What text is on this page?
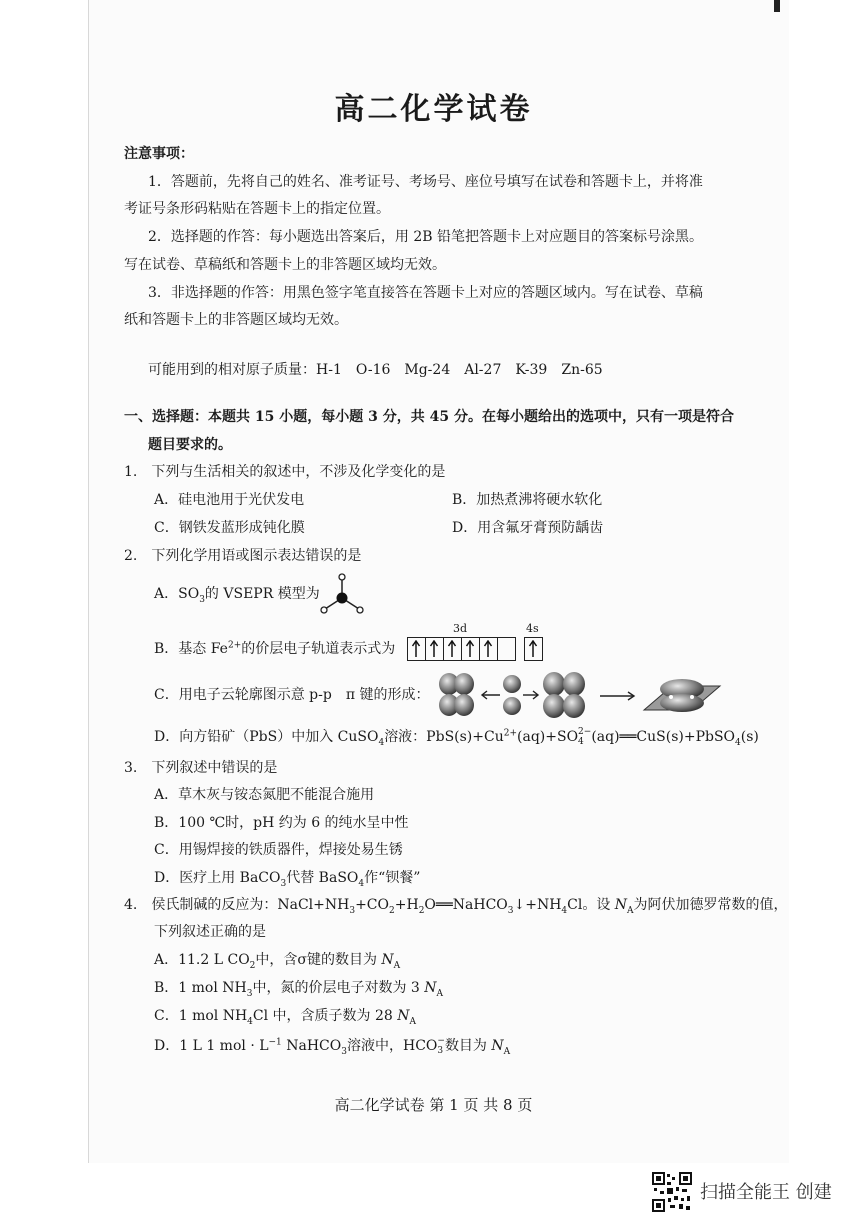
高二化学试卷
注意事项：
1．答题前，先将自己的姓名、准考证号、考场号、座位号填写在试卷和答题卡上，并将准
考证号条形码粘贴在答题卡上的指定位置。
2．选择题的作答：每小题选出答案后，用 2B 铅笔把答题卡上对应题目的答案标号涂黑。
写在试卷、草稿纸和答题卡上的非答题区域均无效。
3．非选择题的作答：用黑色签字笔直接答在答题卡上对应的答题区域内。写在试卷、草稿
纸和答题卡上的非答题区域均无效。
可能用到的相对原子质量：H-1　O-16　Mg-24　Al-27　K-39　Zn-65
一、选择题：本题共 15 小题，每小题 3 分，共 45 分。在每小题给出的选项中，只有一项是符合
题目要求的。
1.　下列与生活相关的叙述中，不涉及化学变化的是
A．硅电池用于光伏发电	B．加热煮沸将硬水软化
C．钢铁发蓝形成钝化膜	D．用含氟牙膏预防龋齿
2.　下列化学用语或图示表达错误的是
A．$SO_3$的 VSEPR 模型为
B．基态 $Fe^{2+}$的价层电子轨道表示式为
3d	4s
C．用电子云轮廓图示意 p-p　π 键的形成：
D．向方铅矿（PbS）中加入 CuSO$_4$溶液：$PbS(s)+Cu^{2+}(aq)+SO$ 2−
4 (aq)══CuS(s)+PbSO$_4$(s)
3.　下列叙述中错误的是
A．草木灰与铵态氮肥不能混合施用
B．100 ℃时，pH 约为 6 的纯水呈中性
C．用锡焊接的铁质器件，焊接处易生锈
D．医疗上用 BaCO$_3$代替 BaSO$_4$作“钡餐”
4.　侯氏制碱的反应为：$NaCl+NH_3+CO_2+H_2O══NaHCO_3↓+NH_4Cl$。设 $N_A$为阿伏加德罗常数的值，
下列叙述正确的是
A．11.2 L $CO_2$中，含σ键的数目为 $N_A$
B．1 mol $NH_3$中，氮的价层电子对数为 3 $N_A$
C．1 mol $NH_4Cl$ 中，含质子数为 28 $N_A$
D．1 L 1 mol · $L^{-1}$ NaHCO$_3$溶液中，HCO −
3 数目为 $N_A$
高二化学试卷 第 1 页 共 8 页
扫描全能王 创建
